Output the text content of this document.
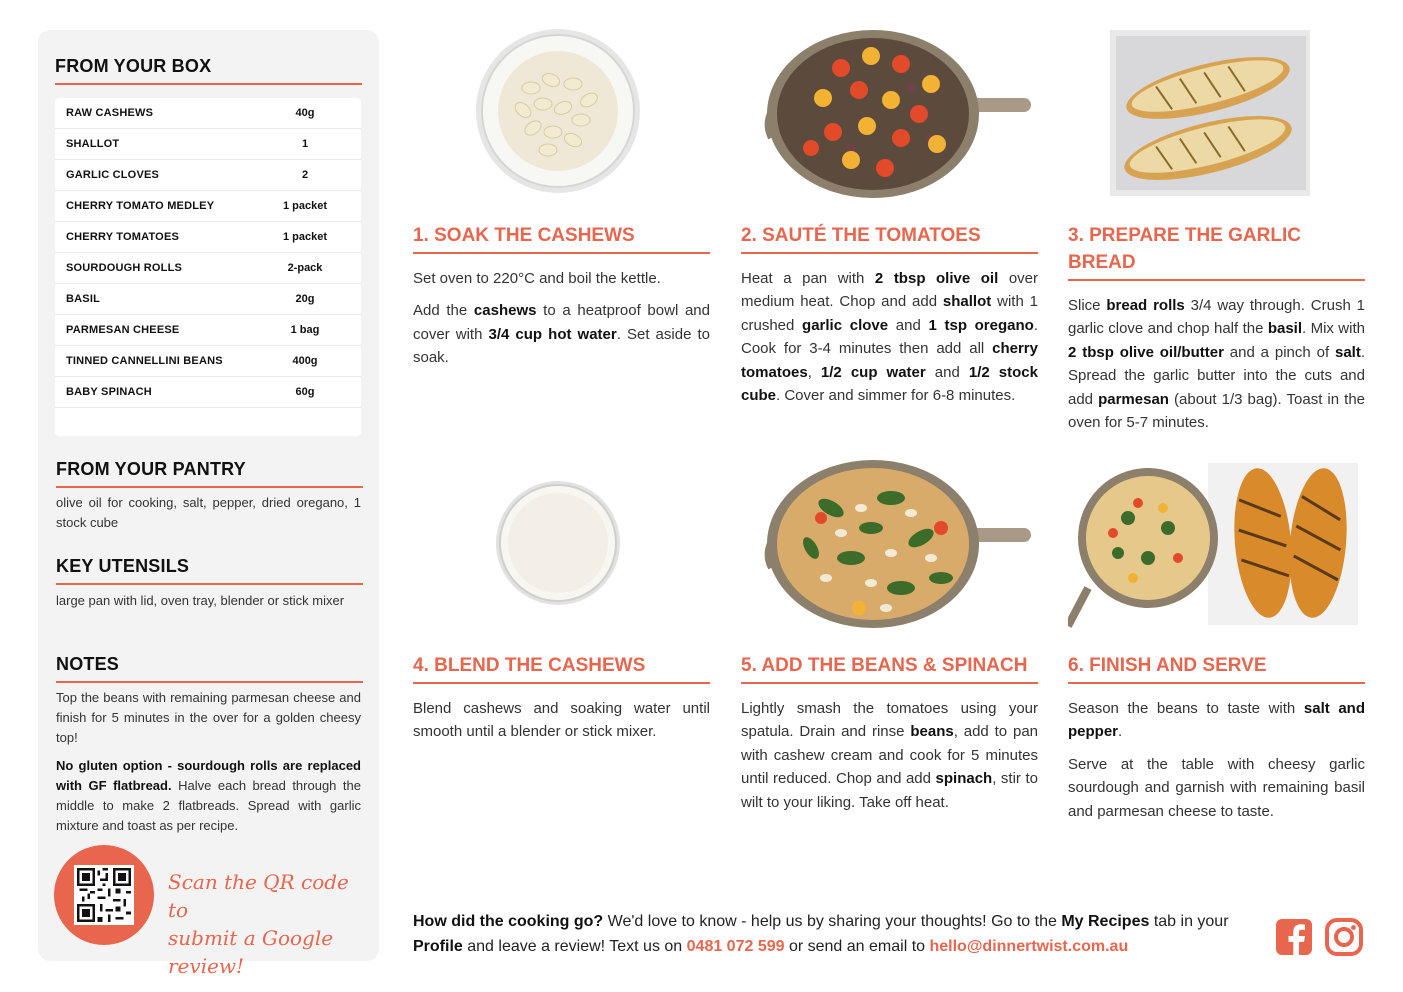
FROM YOUR BOX
RAW CASHEWS	40g
SHALLOT	1
GARLIC CLOVES	2
CHERRY TOMATO MEDLEY	1 packet
CHERRY TOMATOES	1 packet
SOURDOUGH ROLLS	2-pack
BASIL	20g
PARMESAN CHEESE	1 bag
TINNED CANNELLINI BEANS	400g
BABY SPINACH	60g
FROM YOUR PANTRY
olive oil for cooking, salt, pepper, dried oregano, 1 stock cube
KEY UTENSILS
large pan with lid, oven tray, blender or stick mixer
NOTES
Top the beans with remaining parmesan cheese and finish for 5 minutes in the over for a golden cheesy top!
No gluten option - sourdough rolls are replaced with GF flatbread. Halve each bread through the middle to make 2 flatbreads. Spread with garlic mixture and toast as per recipe.
Scan the QR code to
submit a Google review!
1. SOAK THE CASHEWS	2. SAUTÉ THE TOMATOES	3. PREPARE THE GARLIC BREAD
4. BLEND THE CASHEWS	5. ADD THE BEANS & SPINACH	6. FINISH AND SERVE

Set oven to 220°C and boil the kettle.

Add the cashews to a heatproof bowl and cover with 3/4 cup hot water. Set aside to soak.

Heat a pan with 2 tbsp olive oil over medium heat. Chop and add shallot with 1 crushed garlic clove and 1 tsp oregano. Cook for 3-4 minutes then add all cherry tomatoes, 1/2 cup water and 1/2 stock cube. Cover and simmer for 6-8 minutes.

Slice bread rolls 3/4 way through. Crush 1 garlic clove and chop half the basil. Mix with 2 tbsp olive oil/butter and a pinch of salt. Spread the garlic butter into the cuts and add parmesan (about 1/3 bag). Toast in the oven for 5-7 minutes.

Blend cashews and soaking water until smooth until a blender or stick mixer.

Lightly smash the tomatoes using your spatula. Drain and rinse beans, add to pan with cashew cream and cook for 5 minutes until reduced. Chop and add spinach, stir to wilt to your liking. Take off heat.

Season the beans to taste with salt and pepper.

Serve at the table with cheesy garlic sourdough and garnish with remaining basil and parmesan cheese to taste.

How did the cooking go? We'd love to know - help us by sharing your thoughts! Go to the My Recipes tab in your Profile and leave a review! Text us on 0481 072 599 or send an email to hello@dinnertwist.com.au
